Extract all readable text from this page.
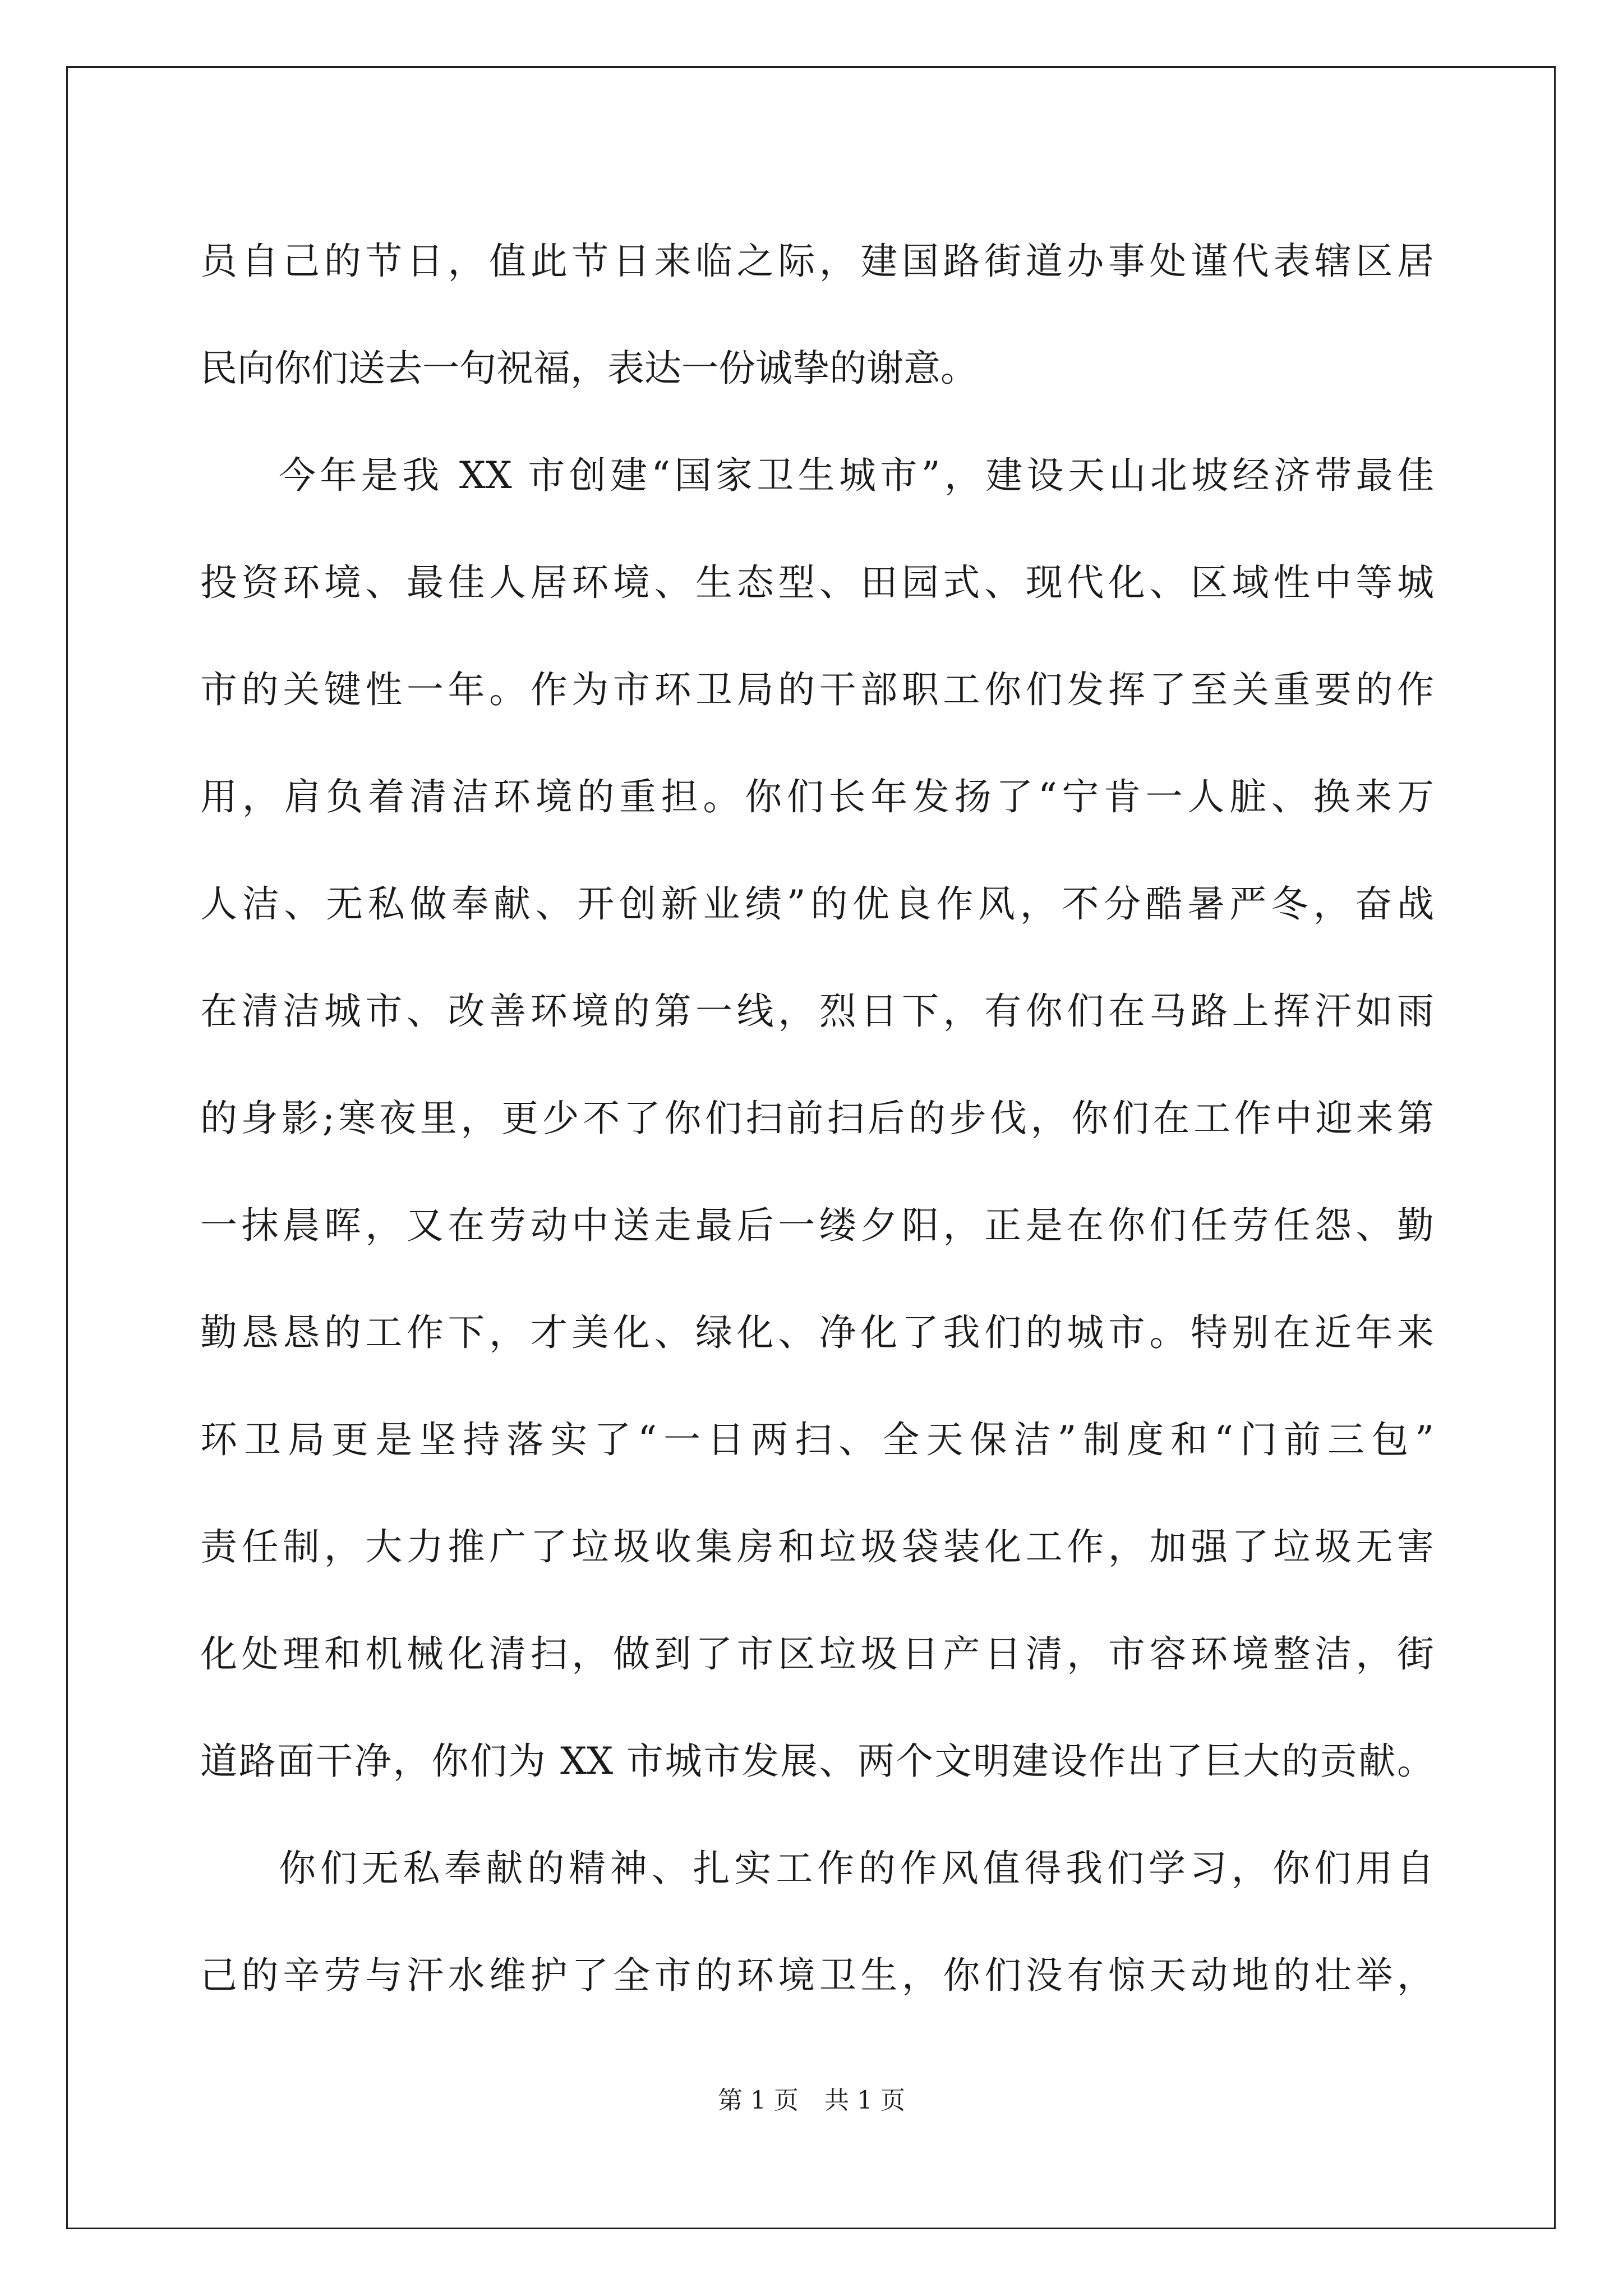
员自己的节日，值此节日来临之际，建国路街道办事处谨代表辖区居
民向你们送去一句祝福，表达一份诚挚的谢意。
今年是我 XX 市创建“国家卫生城市”，建设天山北坡经济带最佳
投资环境、最佳人居环境、生态型、田园式、现代化、区域性中等城
市的关键性一年。作为市环卫局的干部职工你们发挥了至关重要的作
用，肩负着清洁环境的重担。你们长年发扬了“宁肯一人脏、换来万
人洁、无私做奉献、开创新业绩”的优良作风，不分酷暑严冬，奋战
在清洁城市、改善环境的第一线，烈日下，有你们在马路上挥汗如雨
的身影;寒夜里，更少不了你们扫前扫后的步伐，你们在工作中迎来第
一抹晨晖，又在劳动中送走最后一缕夕阳，正是在你们任劳任怨、勤
勤恳恳的工作下，才美化、绿化、净化了我们的城市。特别在近年来
环卫局更是坚持落实了“一日两扫、全天保洁”制度和“门前三包”
责任制，大力推广了垃圾收集房和垃圾袋装化工作，加强了垃圾无害
化处理和机械化清扫，做到了市区垃圾日产日清，市容环境整洁，街
道路面干净，你们为 XX 市城市发展、两个文明建设作出了巨大的贡献。
你们无私奉献的精神、扎实工作的作风值得我们学习，你们用自
己的辛劳与汗水维护了全市的环境卫生，你们没有惊天动地的壮举，
第 1 页 共 1 页
